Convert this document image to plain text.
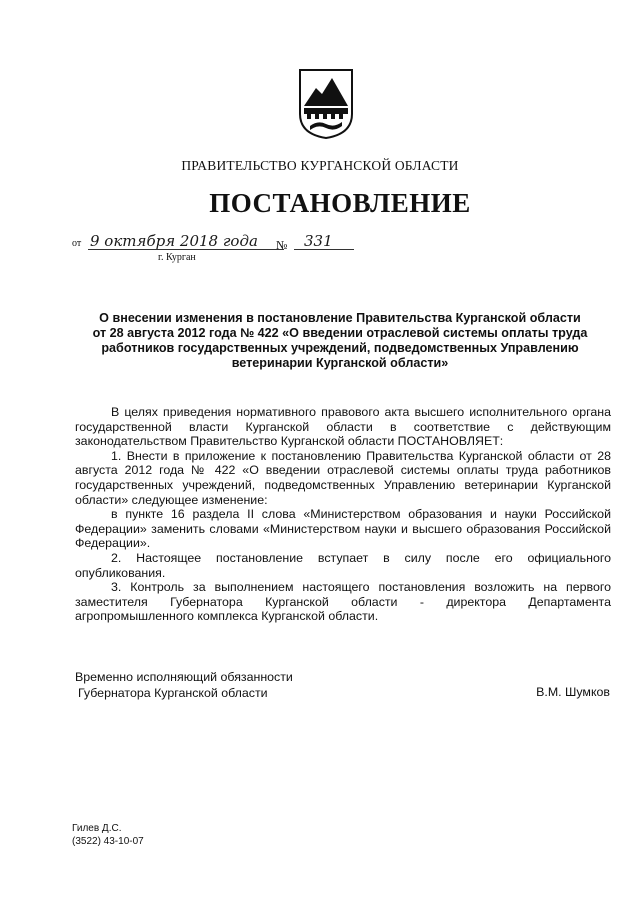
ПРАВИТЕЛЬСТВО КУРГАНСКОЙ ОБЛАСТИ
ПОСТАНОВЛЕНИЕ
от 9 октября 2018 года № 331
г. Курган
О внесении изменения в постановление Правительства Курганской области
от 28 августа 2012 года № 422 «О введении отраслевой системы оплаты труда
работников государственных учреждений, подведомственных Управлению
ветеринарии Курганской области»

В целях приведения нормативного правового акта высшего исполнительного органа государственной власти Курганской области в соответствие с действующим законодательством Правительство Курганской области ПОСТАНОВЛЯЕТ:

1. Внести в приложение к постановлению Правительства Курганской области от 28 августа 2012 года № 422 «О введении отраслевой системы оплаты труда работников государственных учреждений, подведомственных Управлению ветеринарии Курганской области» следующее изменение:

в пункте 16 раздела II слова «Министерством образования и науки Российской Федерации» заменить словами «Министерством науки и высшего образования Российской Федерации».

2. Настоящее постановление вступает в силу после его официального опубликования.

3. Контроль за выполнением настоящего постановления возложить на первого заместителя Губернатора Курганской области - директора Департамента агропромышленного комплекса Курганской области.

Временно исполняющий обязанности
Губернатора Курганской области	В.М. Шумков
Гилев Д.С.
(3522) 43-10-07
